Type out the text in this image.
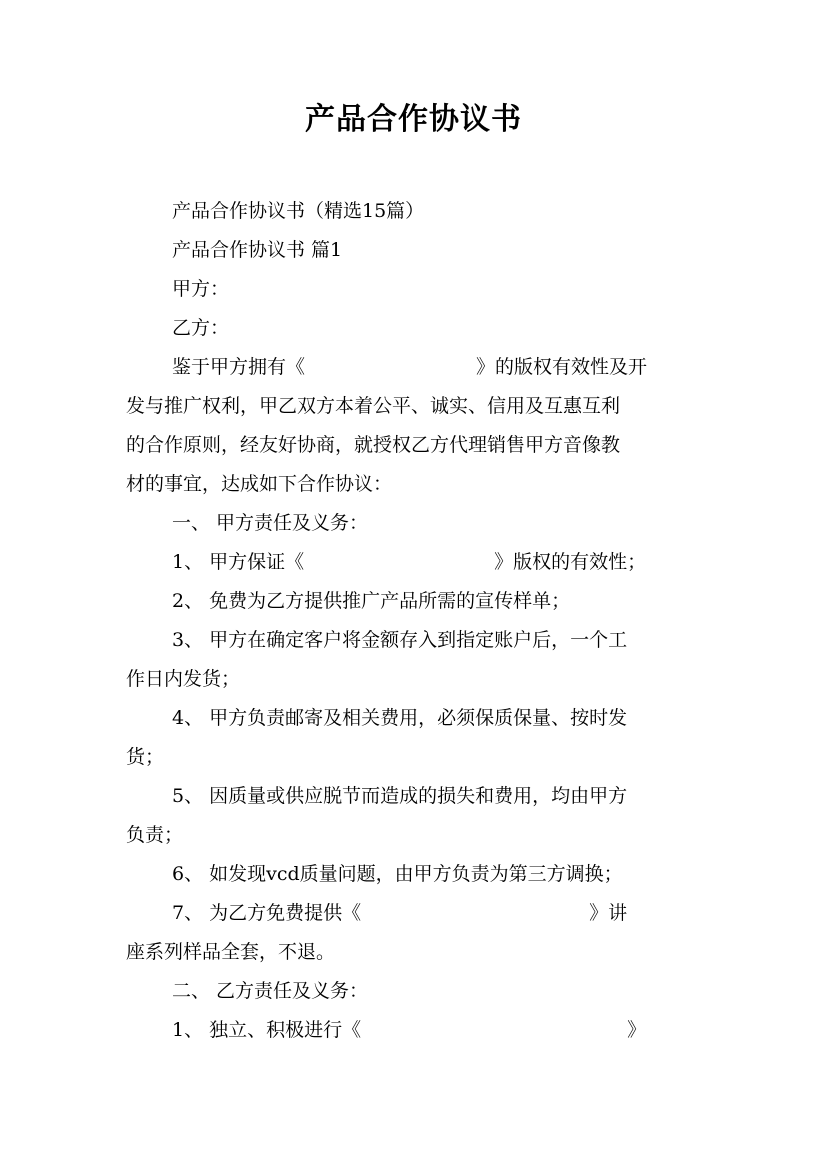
产品合作协议书
产品合作协议书（精选15篇）
产品合作协议书 篇1
甲方：
乙方：
鉴于甲方拥有《　　　　　　　　　》的版权有效性及开
发与推广权利，甲乙双方本着公平、诚实、信用及互惠互利
的合作原则，经友好协商，就授权乙方代理销售甲方音像教
材的事宜，达成如下合作协议：
一、 甲方责任及义务：
1、 甲方保证《　　　　　　　　　　》版权的有效性；
2、 免费为乙方提供推广产品所需的宣传样单；
3、 甲方在确定客户将金额存入到指定账户后，一个工
作日内发货；
4、 甲方负责邮寄及相关费用，必须保质保量、按时发
货；
5、 因质量或供应脱节而造成的损失和费用，均由甲方
负责；
6、 如发现vcd质量问题，由甲方负责为第三方调换；
7、 为乙方免费提供《　　　　　　　　　　　　》讲
座系列样品全套，不退。
二、 乙方责任及义务：
1、 独立、积极进行《　　　　　　　　　　　　　　》
